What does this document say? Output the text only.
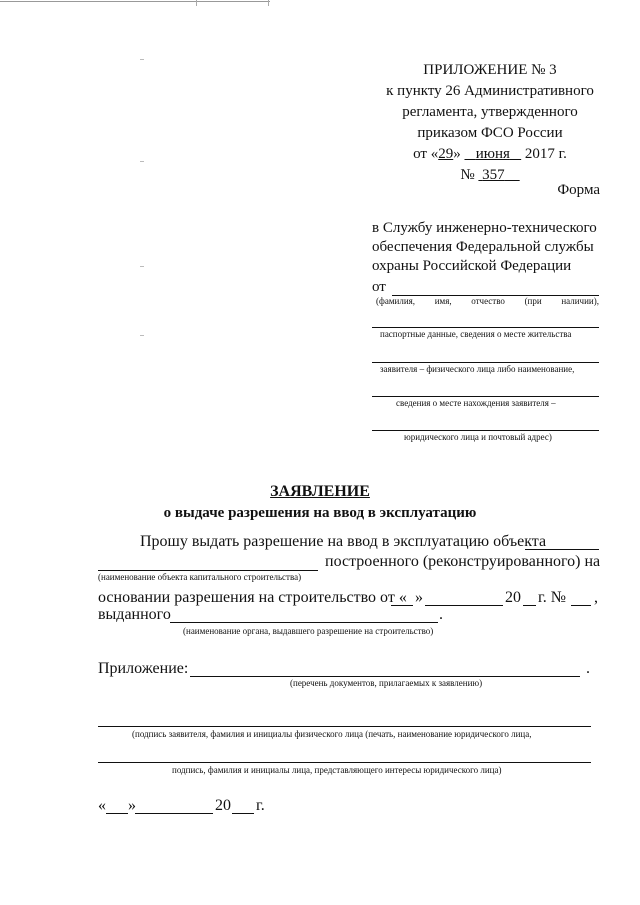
ПРИЛОЖЕНИЕ № 3
к пункту 26 Административного
регламента, утвержденного
приказом ФСО России
от «29»    июня    2017 г.
№  357
Форма
в Службу инженерно-технического
обеспечения Федеральной службы
охраны Российской Федерации
от
(фамилия, имя, отчество (при наличии),
паспортные данные, сведения о месте жительства
заявителя – физического лица либо наименование,
сведения о месте нахождения заявителя –
юридического лица и почтовый адрес)
ЗАЯВЛЕНИЕ
о выдаче разрешения на ввод в эксплуатацию
Прошу выдать разрешение на ввод в эксплуатацию объекта
построенного (реконструированного) на
(наименование объекта капитального строительства)
основании разрешения на строительство от « »	20 г. № ,
выданного	.
(наименование органа, выдавшего разрешение на строительство)
Приложение:	.
(перечень документов, прилагаемых к заявлению)
(подпись заявителя, фамилия и инициалы физического лица (печать, наименование юридического лица,
подпись, фамилия и инициалы лица, представляющего интересы юридического лица)
« »	20 г.
